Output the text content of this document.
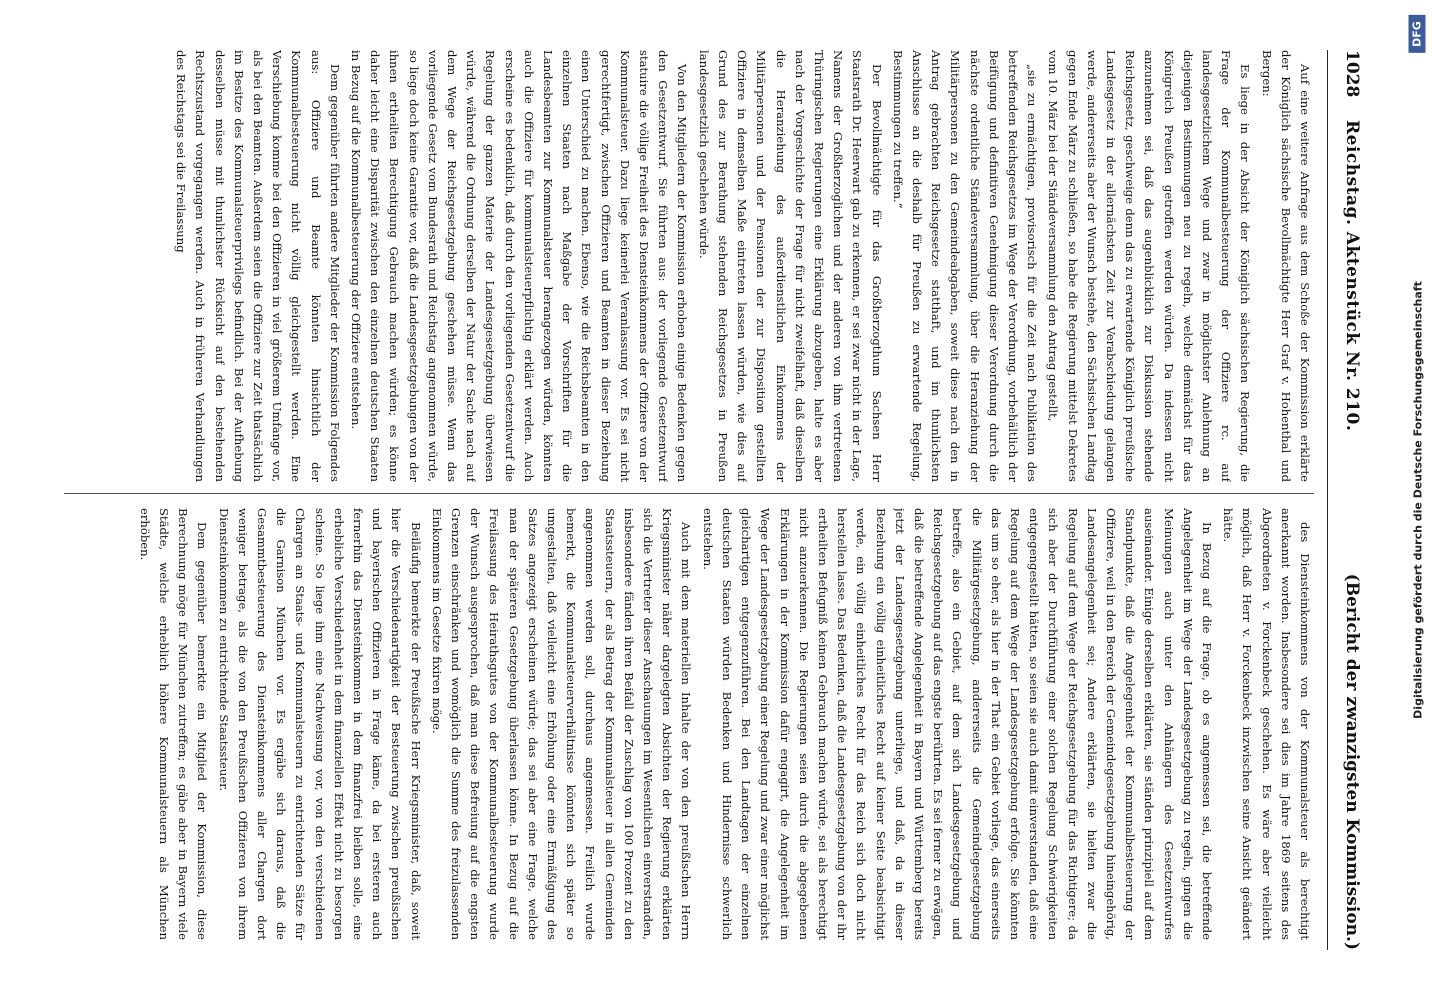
1028
Reichstag. Aktenstück Nr. 210.
(Bericht der zwanzigsten Kommission.)

Auf eine weitere Anfrage aus dem Schoße der Kommission erklärte der Königlich sächsische Bevollmächtigte Herr Graf v. Hohenthal und Bergen:

Es liege in der Absicht der Königlich sächsischen Regierung, die Frage der Kommunalbesteuerung der Offiziere rc. auf landesgesetzlichem Wege und zwar in möglichster Anlehnung an diejenigen Bestimmungen neu zu regeln, welche demnächst für das Königreich Preußen getroffen werden würden. Da indessen nicht anzunehmen sei, daß das augenblicklich zur Diskussion stehende Reichsgesetz, geschweige denn das zu erwartende Königlich preußische Landesgesetz in der allernächsten Zeit zur Verabschiedung gelangen werde, andererseits aber der Wunsch bestehe, den Sächsischen Landtag gegen Ende März zu schließen, so habe die Regierung mittelst Dekretes vom 10. März bei der Ständeversammlung den Antrag gestellt,

„sie zu ermächtigen, provisorisch für die Zeit nach Publikation des betreffenden Reichsgesetzes im Wege der Verordnung, vorbehältlich der Beifügung und definitiven Genehmigung dieser Verordnung durch die nächste ordentliche Ständeversammlung, über die Heranziehung der Militärpersonen zu den Gemeindeabgaben, soweit diese nach den in Antrag gebrachten Reichsgesetze statthaft, und im thunlichsten Anschlusse an die deshalb für Preußen zu erwartende Regelung, Bestimmungen zu treffen.“

Der Bevollmächtigte für das Großherzogthum Sachsen Herr Staatsrath Dr. Heerwart gab zu erkennen, er sei zwar nicht in der Lage, Namens der Großherzoglichen und der anderen von ihm vertretenen Thüringischen Regierungen eine Erklärung abzugeben, halte es aber nach der Vorgeschichte der Frage für nicht zweifelhaft, daß dieselben die Heranziehung des außerdienstlichen Einkommens der Militärpersonen und der Pensionen der zur Disposition gestellten Offiziere in demselben Maße eintreten lassen würden, wie dies auf Grund des zur Berathung stehenden Reichsgesetzes in Preußen landesgesetzlich geschehen würde.

Von den Mitgliedern der Kommission erhoben einige Bedenken gegen den Gesetzentwurf. Sie führten aus: der vorliegende Gesetzentwurf statuire die völlige Freiheit des Diensteinkommens der Offiziere von der Kommunalsteuer. Dazu liege keinerlei Veranlassung vor. Es sei nicht gerechtfertigt, zwischen Offizieren und Beamten in dieser Beziehung einen Unterschied zu machen. Ebenso, wie die Reichsbeamten in den einzelnen Staaten nach Maßgabe der Vorschriften für die Landesbeamten zur Kommunalsteuer herangezogen würden, könnten auch die Offiziere für kommunalsteuerpflichtig erklärt werden. Auch erscheine es bedenklich, daß durch den vorliegenden Gesetzentwurf die Regelung der ganzen Materie der Landesgesetzgebung überwiesen würde, während die Ordnung derselben der Natur der Sache nach auf dem Wege der Reichsgesetzgebung geschehen müsse. Wenn das vorliegende Gesetz vom Bundesrath und Reichstag angenommen würde, so liege doch keine Garantie vor, daß die Landesgesetzgebungen von der ihnen ertheilten Berechtigung Gebrauch machen würden; es könne daher leicht eine Disparität zwischen den einzelnen deutschen Staaten in Bezug auf die Kommunalbesteuerung der Offiziere entstehen.

Dem gegenüber führten andere Mitglieder der Kommission Folgendes aus: Offiziere und Beamte könnten hinsichtlich der Kommunalbesteuerung nicht völlig gleichgestellt werden. Eine Verschiebung komme bei den Offizieren in viel größerem Umfange vor, als bei den Beamten. Außerdem seien die Offiziere zur Zeit thatsächlich im Besitze des Kommunalsteuerprivilegs befindlich. Bei der Aufhebung desselben müsse mit thunlichster Rücksicht auf den bestehenden Rechtszustand vorgegangen werden. Auch in früheren Verhandlungen des Reichstags sei die Freilassung

des Diensteinkommens von der Kommunalsteuer als berechtigt anerkannt worden. Insbesondere sei dies im Jahre 1869 seitens des Abgeordneten v. Forckenbeck geschehen. Es wäre aber vielleicht möglich, daß Herr v. Forckenbeck inzwischen seine Ansicht geändert hätte.

In Bezug auf die Frage, ob es angemessen sei, die betreffende Angelegenheit im Wege der Landesgesetzgebung zu regeln, gingen die Meinungen auch unter den Anhängern des Gesetzentwurfes auseinander. Einige derselben erklärten, sie ständen prinzipiell auf dem Standpunkte, daß die Angelegenheit der Kommunalbesteuerung der Offiziere, weil in den Bereich der Gemeindegesetzgebung hineingehörig, Landesangelegenheit sei; Andere erklärten, sie hielten zwar die Regelung auf dem Wege der Reichsgesetzgebung für das Richtigere; da sich aber der Durchführung einer solchen Regelung Schwierigkeiten entgegengestellt hätten, so seien sie auch damit einverstanden, daß eine Regelung auf dem Wege der Landesgesetzgebung erfolge. Sie könnten das um so eher, als hier in der That ein Gebiet vorliege, das einerseits die Militärgesetzgebung, andererseits die Gemeindegesetzgebung betreffe, also ein Gebiet, auf dem sich Landesgesetzgebung und Reichsgesetzgebung auf das engste berührten. Es sei ferner zu erwägen, daß die betreffende Angelegenheit in Bayern und Württemberg bereits jetzt der Landesgesetzgebung unterliege, und daß, da in dieser Beziehung ein völlig einheitliches Recht auf keiner Seite beabsichtigt werde, ein völlig einheitliches Recht für das Reich sich doch nicht herstellen lasse. Das Bedenken, daß die Landesgesetzgebung von der ihr ertheilten Befugniß keinen Gebrauch machen würde, sei als berechtigt nicht anzuerkennen. Die Regierungen seien durch die abgegebenen Erklärungen in der Kommission dafür engagirt, die Angelegenheit im Wege der Landesgesetzgebung einer Regelung und zwar einer möglichst gleichartigen entgegenzuführen. Bei den Landtagen der einzelnen deutschen Staaten würden Bedenken und Hindernisse schwerlich entstehen.

Auch mit dem materiellen Inhalte der von den preußischen Herrn Kriegsminister näher dargelegten Absichten der Regierung erklärten sich die Vertreter dieser Anschauungen im Wesentlichen einverstanden, insbesondere fänden ihren Beifall der Zuschlag von 100 Prozent zu den Staatssteuern, der als Betrag der Kommunalsteuer in allen Gemeinden angenommen werden soll, durchaus angemessen. Freilich wurde bemerkt, die Kommunalsteuerverhältnisse könnten sich später so umgestalten, daß vielleicht eine Erhöhung oder eine Ermäßigung des Satzes angezeigt erscheinen würde; das sei aber eine Frage, welche man der späteren Gesetzgebung überlassen könne. In Bezug auf die Freilassung des Heirathsgutes von der Kommunalbesteuerung wurde der Wunsch ausgesprochen, daß man diese Befreiung auf die engsten Grenzen einschränken und womöglich die Summe des freizulassenden Einkommens im Gesetze fixiren möge.

Beiläufig bemerkte der Preußische Herr Kriegsminister, daß, soweit hier die Verschiedenartigkeit der Besteuerung zwischen preußischen und bayerischen Offizieren in Frage käme, da bei ersteren auch fernerhin das Diensteinkommen in dem finanzfrei bleiben solle, eine erhebliche Verschiedenheit in dem finanziellen Effekt nicht zu besorgen scheine. So liege ihm eine Nachweisung vor, von den verschiedenen Chargen an Staats- und Kommunalsteuern zu entrichtenden Sätze für die Garnison München vor. Es ergäbe sich daraus, daß die Gesammtbesteuerung des Diensteinkommens aller Chargen dort weniger betrage, als die von den Preußischen Offizieren von ihrem Diensteinkommen zu entrichtende Staatssteuer.

Dem gegenüber bemerkte ein Mitglied der Kommission, diese Berechnung möge für München zutreffen; es gäbe aber in Bayern viele Städte, welche erheblich höhere Kommunalsteuern als München erhöben.	Digitalisierung gefördert durch die Deutsche Forschungsgemeinschaft
DFG
